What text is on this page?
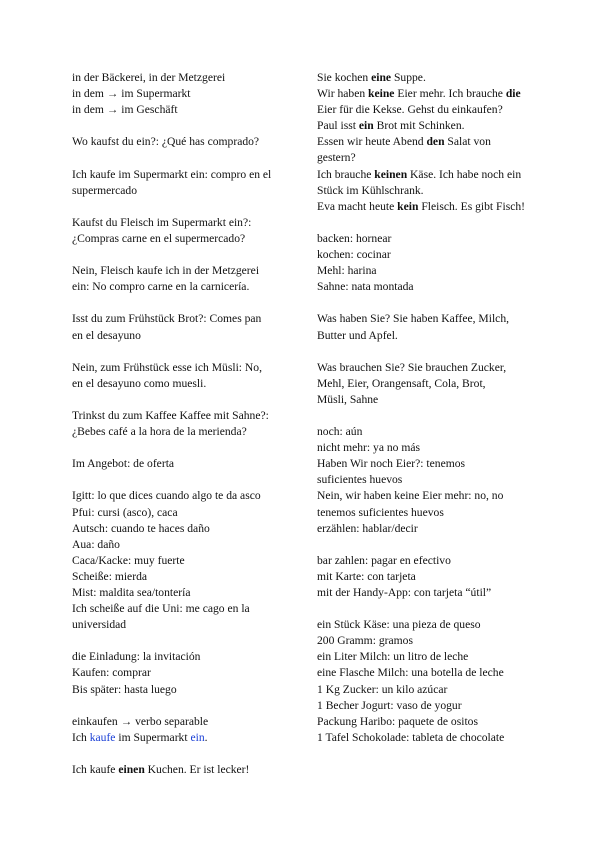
in der Bäckerei, in der Metzgerei
in dem → im Supermarkt
in dem → im Geschäft
Wo kaufst du ein?: ¿Qué has comprado?
Ich kaufe im Supermarkt ein: compro en el
supermercado
Kaufst du Fleisch im Supermarkt ein?:
¿Compras carne en el supermercado?
Nein, Fleisch kaufe ich in der Metzgerei
ein: No compro carne en la carnicería.
Isst du zum Frühstück Brot?: Comes pan
en el desayuno
Nein, zum Frühstück esse ich Müsli: No,
en el desayuno como muesli.
Trinkst du zum Kaffee Kaffee mit Sahne?:
¿Bebes café a la hora de la merienda?
Im Angebot: de oferta
Igitt: lo que dices cuando algo te da asco
Pfui: cursi (asco), caca
Autsch: cuando te haces daño
Aua: daño
Caca/Kacke: muy fuerte
Scheiße: mierda
Mist: maldita sea/tontería
Ich scheiße auf die Uni: me cago en la
universidad
die Einladung: la invitación
Kaufen: comprar
Bis später: hasta luego
einkaufen → verbo separable
Ich kaufe im Supermarkt ein.
Ich kaufe einen Kuchen. Er ist lecker!
Sie kochen eine Suppe.
Wir haben keine Eier mehr. Ich brauche die Eier für die Kekse. Gehst du einkaufen?
Paul isst ein Brot mit Schinken.
Essen wir heute Abend den Salat von gestern?
Ich brauche keinen Käse. Ich habe noch ein Stück im Kühlschrank.
Eva macht heute kein Fleisch. Es gibt Fisch!
backen: hornear
kochen: cocinar
Mehl: harina
Sahne: nata montada
Was haben Sie? Sie haben Kaffee, Milch,
Butter und Apfel.
Was brauchen Sie? Sie brauchen Zucker,
Mehl, Eier, Orangensaft, Cola, Brot,
Müsli, Sahne
noch: aún
nicht mehr: ya no más
Haben Wir noch Eier?: tenemos
suficientes huevos
Nein, wir haben keine Eier mehr: no, no
tenemos suficientes huevos
erzählen: hablar/decir
bar zahlen: pagar en efectivo
mit Karte: con tarjeta
mit der Handy-App: con tarjeta “útil”
ein Stück Käse: una pieza de queso
200 Gramm: gramos
ein Liter Milch: un litro de leche
eine Flasche Milch: una botella de leche
1 Kg Zucker: un kilo azúcar
1 Becher Jogurt: vaso de yogur
Packung Haribo: paquete de ositos
1 Tafel Schokolade: tableta de chocolate
